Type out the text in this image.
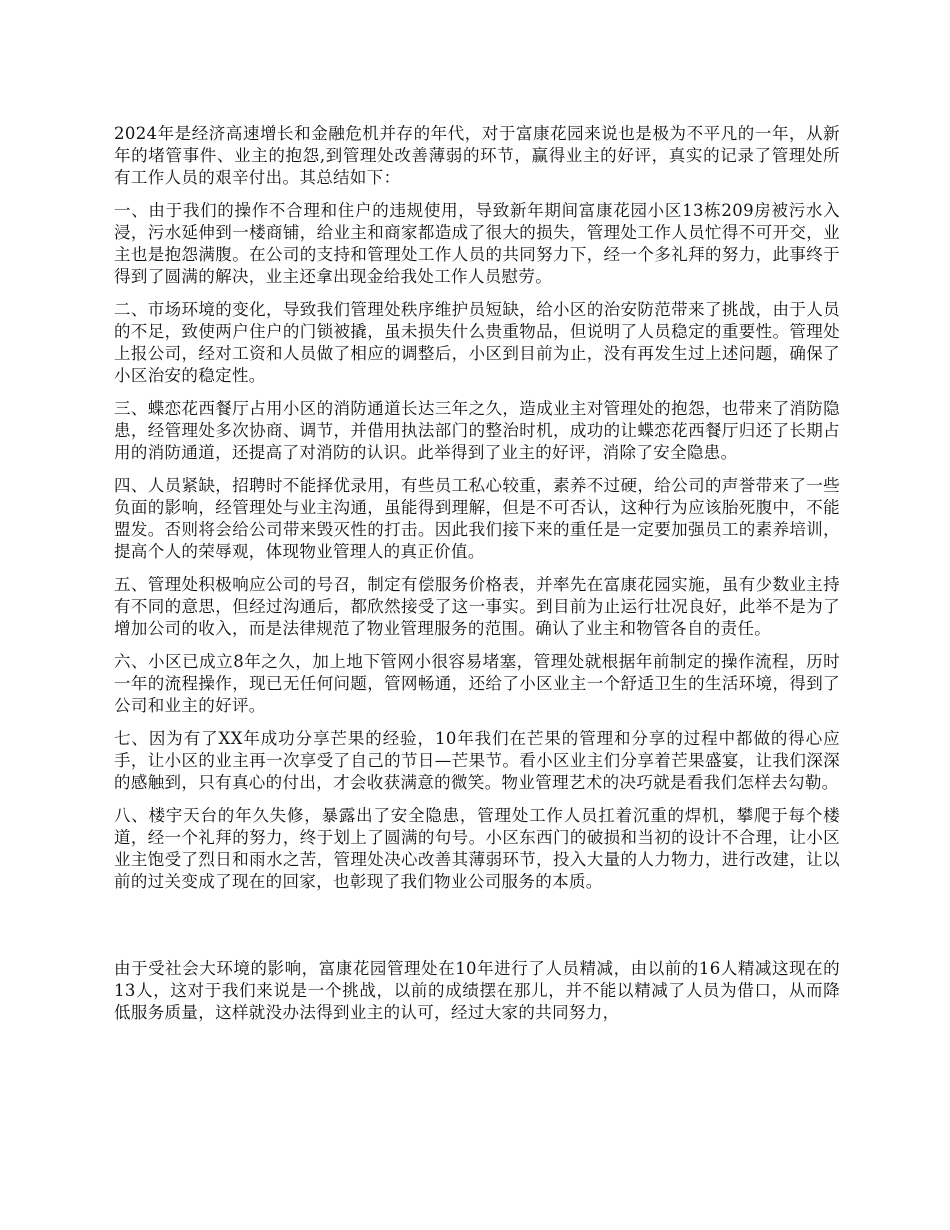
2024年是经济高速增长和金融危机并存的年代，对于富康花园来说也是极为不平凡的一年，从新年的堵管事件、业主的抱怨,到管理处改善薄弱的环节，赢得业主的好评，真实的记录了管理处所有工作人员的艰辛付出。其总结如下：

一、由于我们的操作不合理和住户的违规使用，导致新年期间富康花园小区13栋209房被污水入浸，污水延伸到一楼商铺，给业主和商家都造成了很大的损失，管理处工作人员忙得不可开交，业主也是抱怨满腹。在公司的支持和管理处工作人员的共同努力下，经一个多礼拜的努力，此事终于得到了圆满的解决，业主还拿出现金给我处工作人员慰劳。

二、市场环境的变化，导致我们管理处秩序维护员短缺，给小区的治安防范带来了挑战，由于人员的不足，致使两户住户的门锁被撬，虽未损失什么贵重物品，但说明了人员稳定的重要性。管理处上报公司，经对工资和人员做了相应的调整后，小区到目前为止，没有再发生过上述问题，确保了小区治安的稳定性。

三、蝶恋花西餐厅占用小区的消防通道长达三年之久，造成业主对管理处的抱怨，也带来了消防隐患，经管理处多次协商、调节，并借用执法部门的整治时机，成功的让蝶恋花西餐厅归还了长期占用的消防通道，还提高了对消防的认识。此举得到了业主的好评，消除了安全隐患。

四、人员紧缺，招聘时不能择优录用，有些员工私心较重，素养不过硬，给公司的声誉带来了一些负面的影响，经管理处与业主沟通，虽能得到理解，但是不可否认，这种行为应该胎死腹中，不能盟发。否则将会给公司带来毁灭性的打击。因此我们接下来的重任是一定要加强员工的素养培训，提高个人的荣辱观，体现物业管理人的真正价值。

五、管理处积极响应公司的号召，制定有偿服务价格表，并率先在富康花园实施，虽有少数业主持有不同的意思，但经过沟通后，都欣然接受了这一事实。到目前为止运行壮况良好，此举不是为了增加公司的收入，而是法律规范了物业管理服务的范围。确认了业主和物管各自的责任。

六、小区已成立8年之久，加上地下管网小很容易堵塞，管理处就根据年前制定的操作流程，历时一年的流程操作，现已无任何问题，管网畅通，还给了小区业主一个舒适卫生的生活环境，得到了公司和业主的好评。

七、因为有了XX年成功分享芒果的经验，10年我们在芒果的管理和分享的过程中都做的得心应手，让小区的业主再一次享受了自己的节日—芒果节。看小区业主们分享着芒果盛宴，让我们深深的感触到，只有真心的付出，才会收获满意的微笑。物业管理艺术的决巧就是看我们怎样去勾勒。

八、楼宇天台的年久失修，暴露出了安全隐患，管理处工作人员扛着沉重的焊机，攀爬于每个楼道，经一个礼拜的努力，终于划上了圆满的句号。小区东西门的破损和当初的设计不合理，让小区业主饱受了烈日和雨水之苦，管理处决心改善其薄弱环节，投入大量的人力物力，进行改建，让以前的过关变成了现在的回家，也彰现了我们物业公司服务的本质。

由于受社会大环境的影响，富康花园管理处在10年进行了人员精减，由以前的16人精减这现在的13人，这对于我们来说是一个挑战，以前的成绩摆在那儿，并不能以精减了人员为借口，从而降低服务质量，这样就没办法得到业主的认可，经过大家的共同努力，
